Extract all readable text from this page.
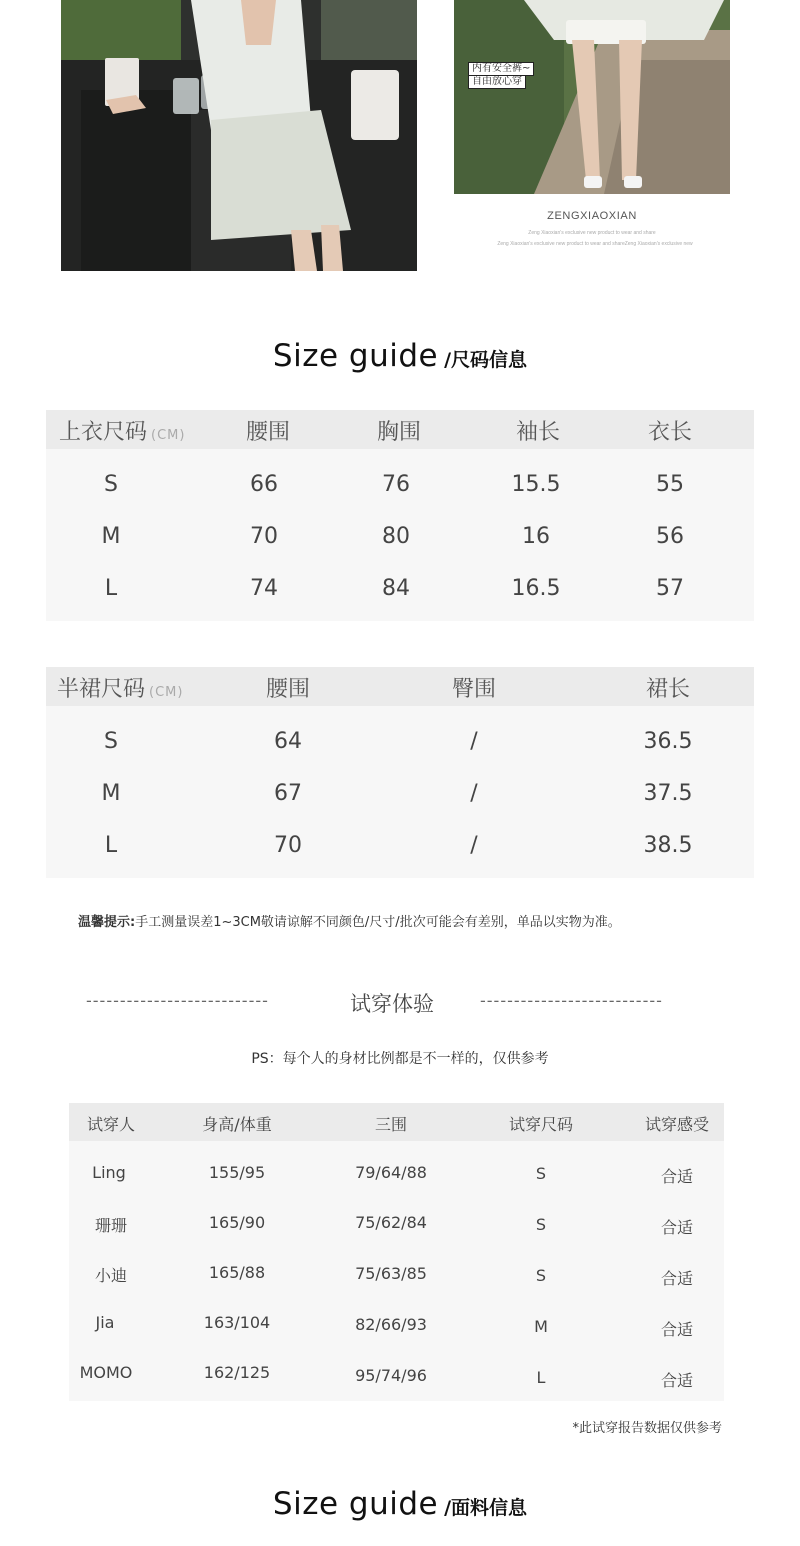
内有安全裤~
自由放心穿
ZENGXIAOXIAN
Zeng Xiaoxian's exclusive new product to wear and share
Zeng Xiaoxian's exclusive new product to wear and shareZeng Xiaoxian's exclusive new
Size guide /尺码信息
上衣尺码 (CM)	腰围	胸围	袖长	衣长
S	66	76	15.5	55
M	70	80	16	56
L	74	84	16.5	57
半裙尺码 (CM)	腰围	臀围	裙长
S	64	/	36.5
M	67	/	37.5
L	70	/	38.5
温馨提示:手工测量误差1~3CM敬请谅解不同颜色/尺寸/批次可能会有差别，单品以实物为准。
---------------------------	试穿体验	---------------------------
PS：每个人的身材比例都是不一样的，仅供参考
试穿人	身高/体重	三围	试穿尺码	试穿感受
Ling	155/95	79/64/88	S	合适
珊珊	165/90	75/62/84	S	合适
小迪	165/88	75/63/85	S	合适
Jia	163/104	82/66/93	M	合适
MOMO	162/125	95/74/96	L	合适
*此试穿报告数据仅供参考
Size guide /面料信息
